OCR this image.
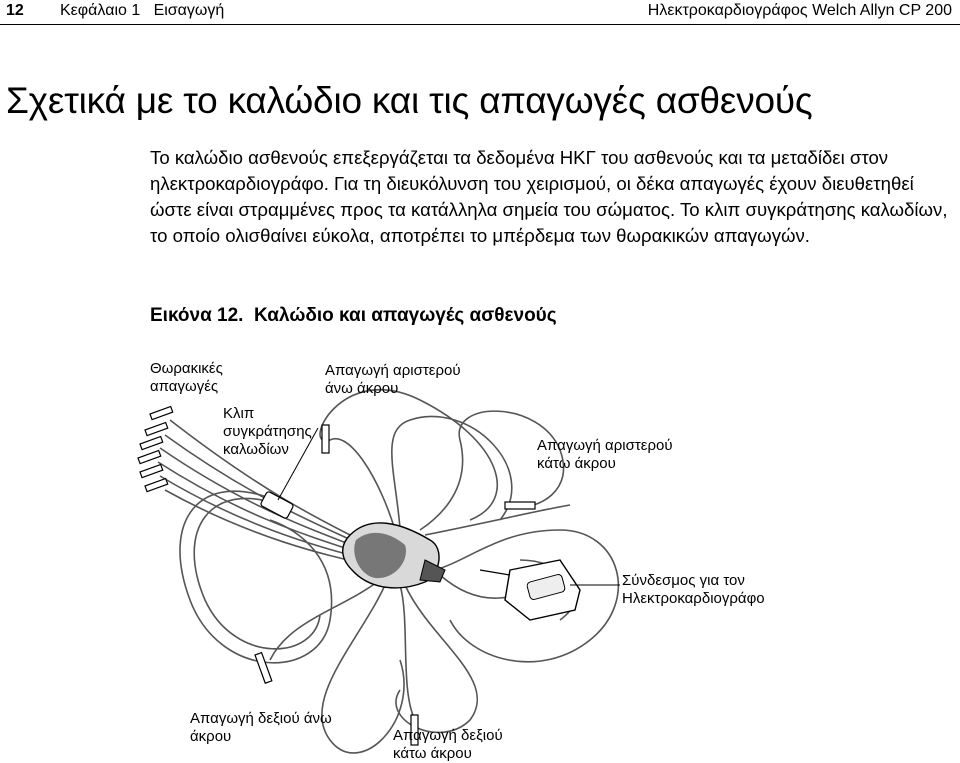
12 Κεφάλαιο 1   Εισαγωγή	Ηλεκτροκαρδιογράφος Welch Allyn CP 200
Σχετικά με το καλώδιο και τις απαγωγές ασθενούς

Το καλώδιο ασθενούς επεξεργάζεται τα δεδομένα ΗΚΓ του ασθενούς και τα μεταδίδει στον ηλεκτροκαρδιογράφο. Για τη διευκόλυνση του χειρισμού, οι δέκα απαγωγές έχουν διευθετηθεί ώστε είναι στραμμένες προς τα κατάλληλα σημεία του σώματος. Το κλιπ συγκράτησης καλωδίων, το οποίο ολισθαίνει εύκολα, αποτρέπει το μπέρδεμα των θωρακικών απαγωγών.

Εικόνα 12.  Καλώδιο και απαγωγές ασθενούς

Θωρακικές
απαγωγές
Απαγωγή αριστερού
άνω άκρου
Κλιπ
συγκράτησης
καλωδίων	Απαγωγή αριστερού
κάτω άκρου
Σύνδεσμος για τον
Ηλεκτροκαρδιογράφο
Απαγωγή δεξιού άνω
άκρου	Απαγωγή δεξιού
κάτω άκρου
